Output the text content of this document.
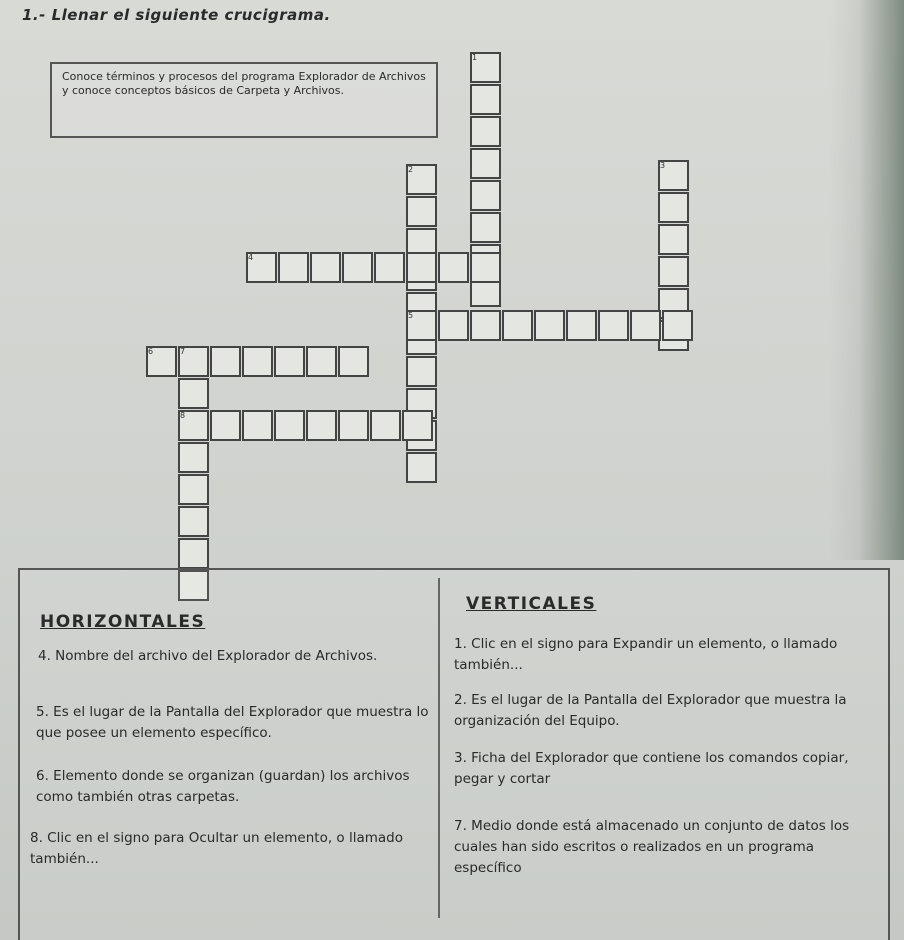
1.- Llenar el siguiente crucigrama.
Conoce términos y procesos del programa Explorador de Archivos y conoce conceptos básicos de Carpeta y Archivos.
1
2	3
4
5
6	7
8
HORIZONTALES
VERTICALES
4. Nombre del archivo del Explorador de Archivos.
5. Es el lugar de la Pantalla del Explorador que muestra lo que posee un elemento específico.
6. Elemento donde se organizan (guardan) los archivos como también otras carpetas.
8. Clic en el signo para Ocultar un elemento, o llamado también...
1. Clic en el signo para Expandir un elemento, o llamado también...
2. Es el lugar de la Pantalla del Explorador que muestra la organización del Equipo.
3. Ficha del Explorador que contiene los comandos copiar, pegar y cortar
7. Medio donde está almacenado un conjunto de datos los cuales han sido escritos o realizados en un programa específico
